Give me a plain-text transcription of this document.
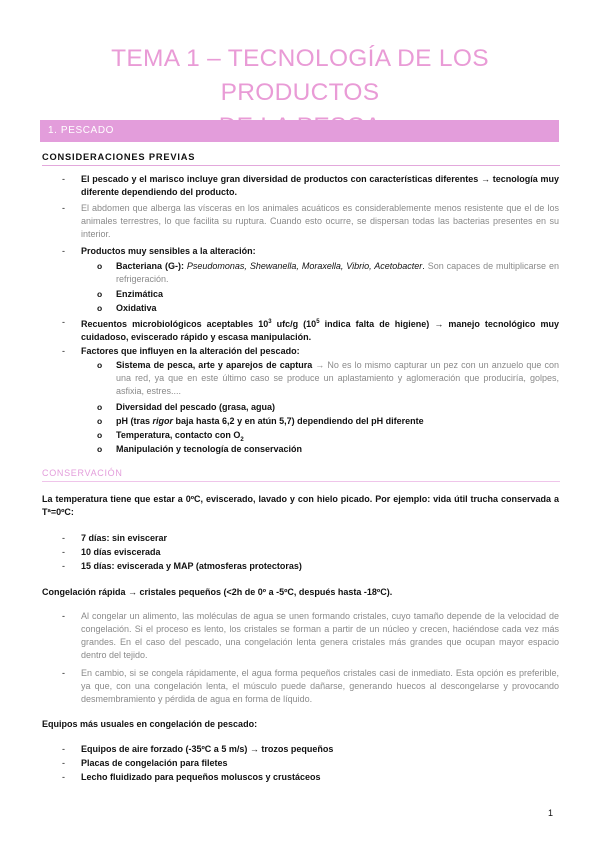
TEMA 1 – TECNOLOGÍA DE LOS PRODUCTOS
1. PESCADO
CONSIDERACIONES PREVIAS
- El pescado y el marisco incluye gran diversidad de productos con características diferentes → tecnología muy diferente dependiendo del producto.
- El abdomen que alberga las vísceras en los animales acuáticos es considerablemente menos resistente que el de los animales terrestres, lo que facilita su ruptura. Cuando esto ocurre, se dispersan todas las bacterias presentes en su interior.
- Productos muy sensibles a la alteración:
o Bacteriana (G-): Pseudomonas, Shewanella, Moraxella, Vibrio, Acetobacter. Son capaces de multiplicarse en refrigeración.
o Enzimática
o Oxidativa
- Recuentos microbiológicos aceptables $10^3$ ufc/g ($10^5$ indica falta de higiene) → manejo tecnológico muy cuidadoso, eviscerado rápido y escasa manipulación.
- Factores que influyen en la alteración del pescado:
o Sistema de pesca, arte y aparejos de captura → No es lo mismo capturar un pez con un anzuelo que con una red, ya que en este último caso se produce un aplastamiento y aglomeración que produciría, golpes, asfixia, estres....
o Diversidad del pescado (grasa, agua)
o pH (tras rigor baja hasta 6,2 y en atún 5,7) dependiendo del pH diferente
o Temperatura, contacto con $O_2$
o Manipulación y tecnología de conservación
CONSERVACIÓN
La temperatura tiene que estar a 0ºC, eviscerado, lavado y con hielo picado. Por ejemplo: vida útil trucha conservada a Tª=0ºC:
- 7 días: sin eviscerar
- 10 días eviscerada
- 15 días: eviscerada y MAP (atmosferas protectoras)
Congelación rápida → cristales pequeños (<2h de 0º a -5ºC, después hasta -18ºC).
- Al congelar un alimento, las moléculas de agua se unen formando cristales, cuyo tamaño depende de la velocidad de congelación. Si el proceso es lento, los cristales se forman a partir de un núcleo y crecen, haciéndose cada vez más grandes. En el caso del pescado, una congelación lenta genera cristales más grandes que ocupan mayor espacio dentro del tejido.
- En cambio, si se congela rápidamente, el agua forma pequeños cristales casi de inmediato. Esta opción es preferible, ya que, con una congelación lenta, el músculo puede dañarse, generando huecos al descongelarse y provocando desmembramiento y pérdida de agua en forma de líquido.
Equipos más usuales en congelación de pescado:
- Equipos de aire forzado (-35ºC a 5 m/s) → trozos pequeños
- Placas de congelación para filetes
- Lecho fluidizado para pequeños moluscos y crustáceos
1
